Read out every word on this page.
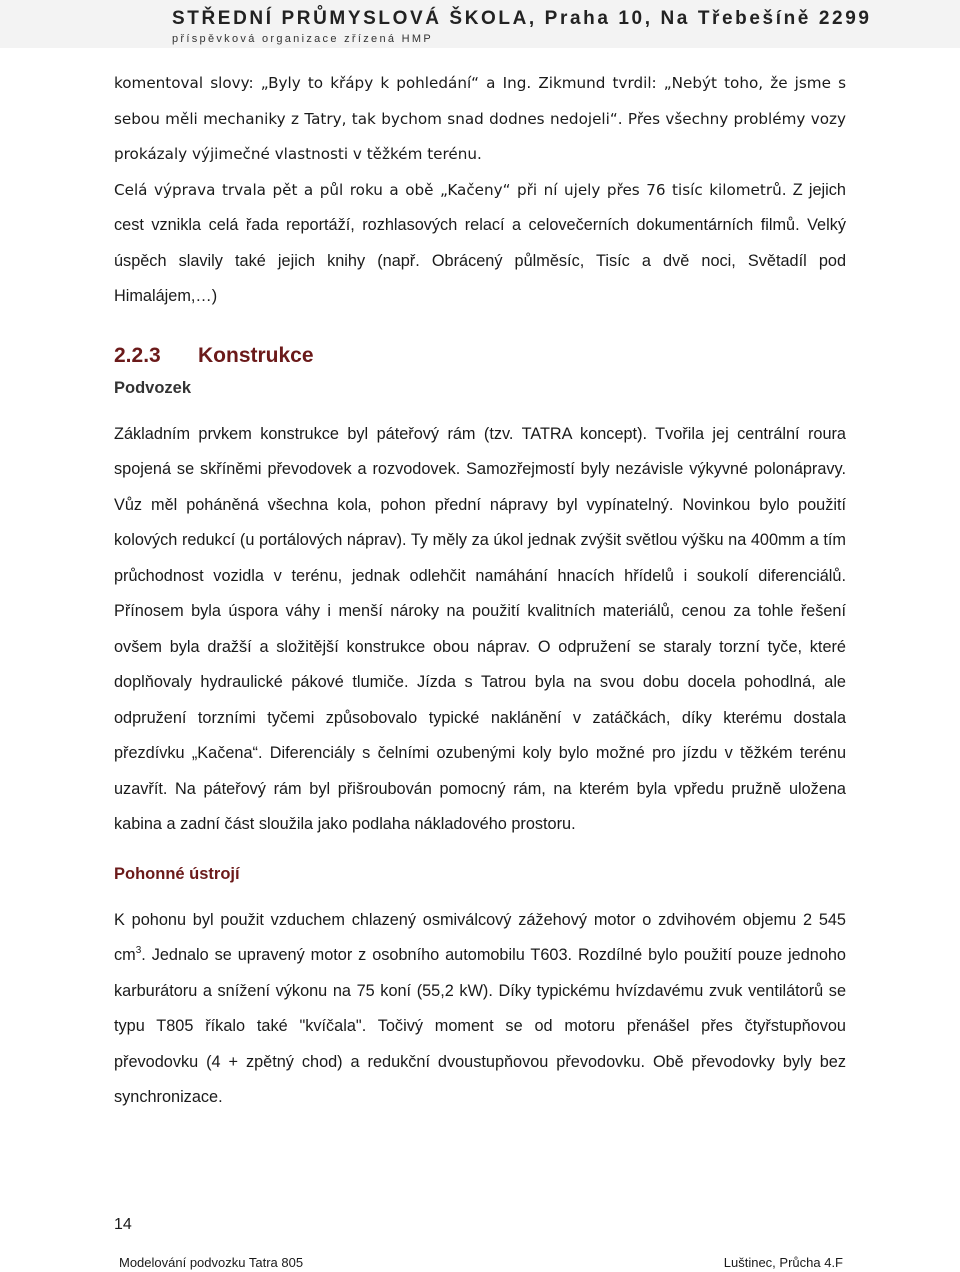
STŘEDNÍ PRŮMYSLOVÁ ŠKOLA, Praha 10, Na Třebešíně 2299
příspěvková organizace zřízená HMP

komentoval slovy: „Byly to křápy k pohledání“ a Ing. Zikmund tvrdil: „Nebýt toho, že jsme s sebou měli mechaniky z Tatry, tak bychom snad dodnes nedojeli“. Přes všechny problémy vozy prokázaly výjimečné vlastnosti v těžkém terénu.

Celá výprava trvala pět a půl roku a obě „Kačeny“ při ní ujely přes 76 tisíc kilometrů. Z jejich cest vznikla celá řada reportáží, rozhlasových relací a celovečerních dokumentárních filmů. Velký úspěch slavily také jejich knihy (např. Obrácený půlměsíc, Tisíc a dvě noci, Světadíl pod Himalájem,…)

2.2.3 Konstrukce
Podvozek

Základním prvkem konstrukce byl páteřový rám (tzv. TATRA koncept). Tvořila jej centrální roura spojená se skříněmi převodovek a rozvodovek. Samozřejmostí byly nezávisle výkyvné polonápravy. Vůz měl poháněná všechna kola, pohon přední nápravy byl vypínatelný. Novinkou bylo použití kolových redukcí (u portálových náprav). Ty měly za úkol jednak zvýšit světlou výšku na 400mm a tím průchodnost vozidla v terénu, jednak odlehčit namáhání hnacích hřídelů i soukolí diferenciálů. Přínosem byla úspora váhy i menší nároky na použití kvalitních materiálů, cenou za tohle řešení ovšem byla dražší a složitější konstrukce obou náprav. O odpružení se staraly torzní tyče, které doplňovaly hydraulické pákové tlumiče. Jízda s Tatrou byla na svou dobu docela pohodlná, ale odpružení torzními tyčemi způsobovalo typické naklánění v zatáčkách, díky kterému dostala přezdívku „Kačena“. Diferenciály s čelními ozubenými koly bylo možné pro jízdu v těžkém terénu uzavřít. Na páteřový rám byl přišroubován pomocný rám, na kterém byla vpředu pružně uložena kabina a zadní část sloužila jako podlaha nákladového prostoru.

Pohonné ústrojí

K pohonu byl použit vzduchem chlazený osmiválcový zážehový motor o zdvihovém objemu 2 545 $cm^3$. Jednalo se upravený motor z osobního automobilu T603. Rozdílné bylo použití pouze jednoho karburátoru a snížení výkonu na 75 koní (55,2 kW). Díky typickému hvízdavému zvuk ventilátorů se typu T805 říkalo také "kvíčala". Točivý moment se od motoru přenášel přes čtyřstupňovou převodovku (4 + zpětný chod) a redukční dvoustupňovou převodovku. Obě převodovky byly bez synchronizace.

14
Modelování podvozku Tatra 805	Luštinec, Průcha 4.F
